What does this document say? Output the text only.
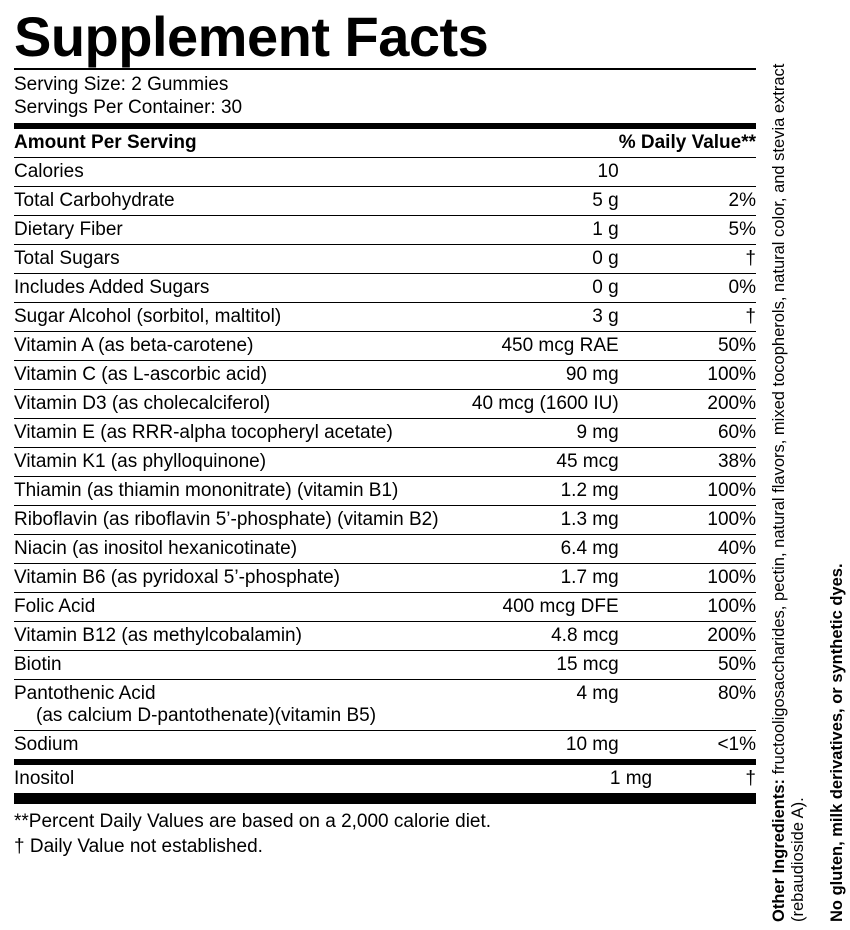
Supplement Facts
Serving Size: 2 Gummies
Servings Per Container: 30
Amount Per Serving		% Daily Value**
Calories	10	
Total Carbohydrate	5 g	2%
Dietary Fiber	1 g	5%
Total Sugars	0 g	†
Includes Added Sugars	0 g	0%
Sugar Alcohol (sorbitol, maltitol)	3 g	†
Vitamin A (as beta-carotene)	450 mcg RAE	50%
Vitamin C (as L-ascorbic acid)	90 mg	100%
Vitamin D3 (as cholecalciferol)	40 mcg (1600 IU)	200%
Vitamin E (as RRR-alpha tocopheryl acetate)	9 mg	60%
Vitamin K1 (as phylloquinone)	45 mcg	38%
Thiamin (as thiamin mononitrate) (vitamin B1)	1.2 mg	100%
Riboflavin (as riboflavin 5’-phosphate) (vitamin B2)	1.3 mg	100%
Niacin (as inositol hexanicotinate)	6.4 mg	40%
Vitamin B6 (as pyridoxal 5’-phosphate)	1.7 mg	100%
Folic Acid	400 mcg DFE	100%
Vitamin B12 (as methylcobalamin)	4.8 mcg	200%
Biotin	15 mcg	50%
Pantothenic Acid
(as calcium D-pantothenate)(vitamin B5)	4 mg	80%
Sodium	10 mg	<1%
Inositol	1 mg	†
**Percent Daily Values are based on a 2,000 calorie diet.
† Daily Value not established.	Other Ingredients: fructooligosaccharides, pectin, natural flavors, mixed tocopherols, natural color, and stevia extract (rebaudioside A).	No gluten, milk derivatives, or synthetic dyes.
